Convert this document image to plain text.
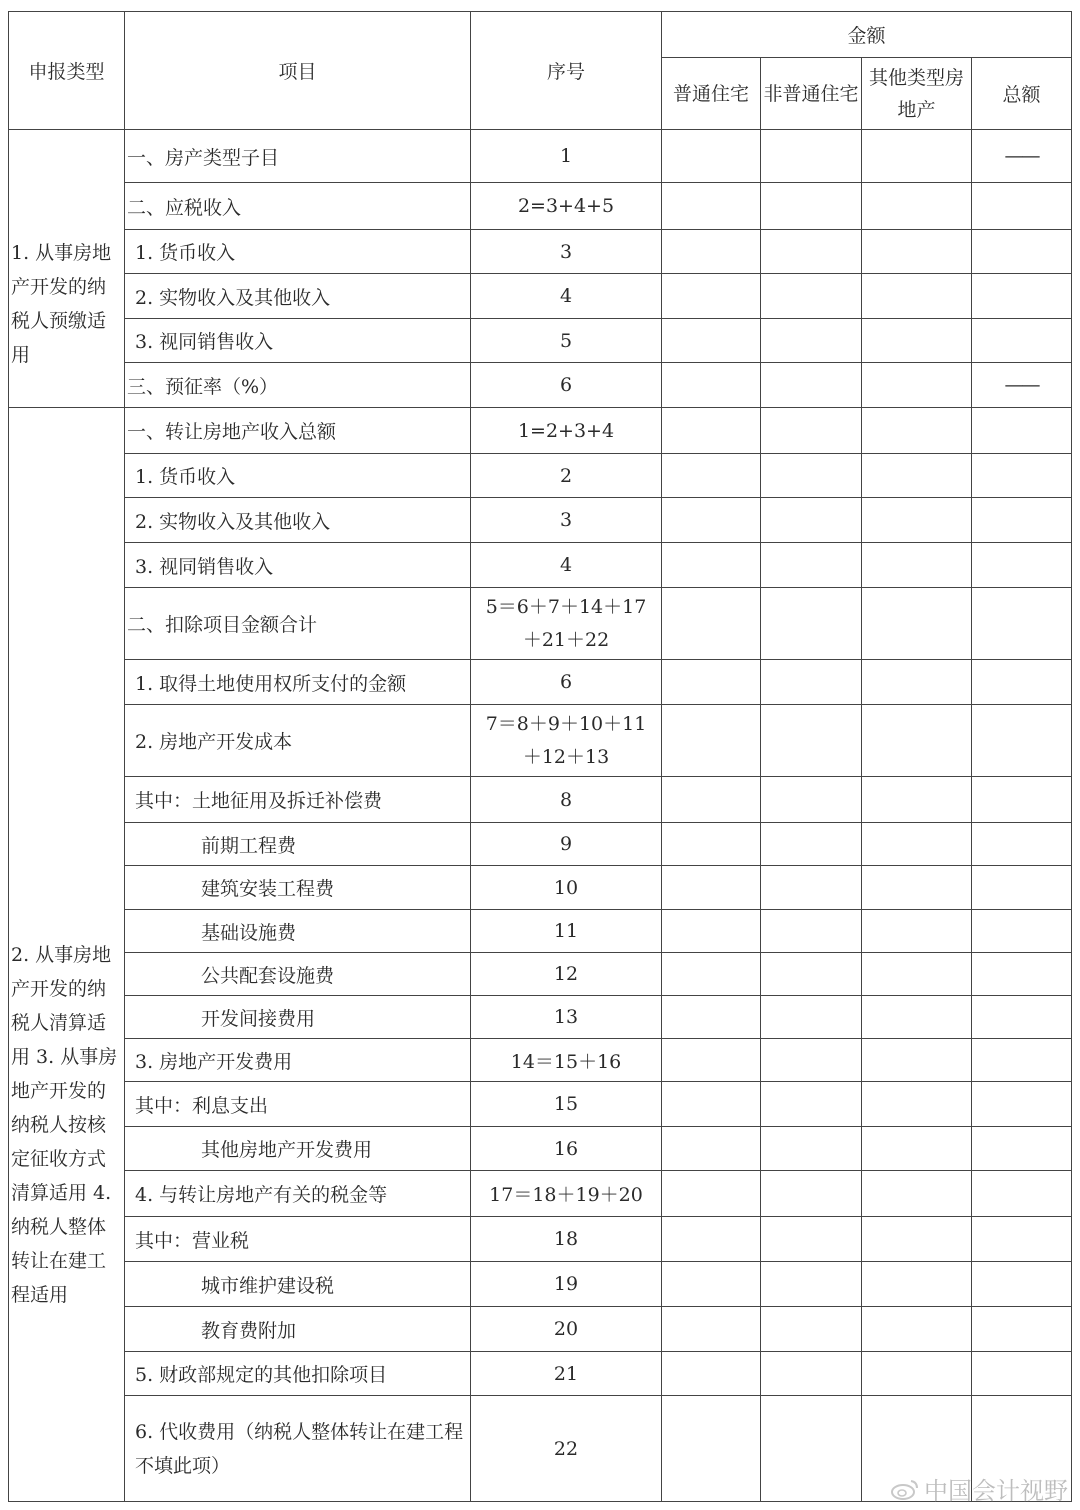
申报类型	项目	序号	金额			
			普通住宅	非普通住宅	其他类型房地产	总额
1. 从事房地产开发的纳税人预缴适用	一、房产类型子目	1				——
	二、应税收入	2=3+4+5				
	1. 货币收入	3				
	2. 实物收入及其他收入	4				
	3. 视同销售收入	5				
	三、预征率（%）	6				——
2. 从事房地产开发的纳税人清算适用 3. 从事房地产开发的纳税人按核定征收方式清算适用 4. 纳税人整体转让在建工程适用	一、转让房地产收入总额	1=2+3+4				
	1. 货币收入	2				
	2. 实物收入及其他收入	3				
	3. 视同销售收入	4				
	二、扣除项目金额合计	5＝6＋7＋14＋17＋21＋22				
	1. 取得土地使用权所支付的金额	6				
	2. 房地产开发成本	7＝8＋9＋10＋11＋12＋13				
	其中：土地征用及拆迁补偿费	8				
	前期工程费	9				
	建筑安装工程费	10				
	基础设施费	11				
	公共配套设施费	12				
	开发间接费用	13				
	3. 房地产开发费用	14＝15＋16				
	其中：利息支出	15				
	其他房地产开发费用	16				
	4. 与转让房地产有关的税金等	17＝18＋19＋20				
	其中：营业税	18				
	城市维护建设税	19				
	教育费附加	20				
	5. 财政部规定的其他扣除项目	21				
	6. 代收费用（纳税人整体转让在建工程不填此项）	22				
中国会计视野
